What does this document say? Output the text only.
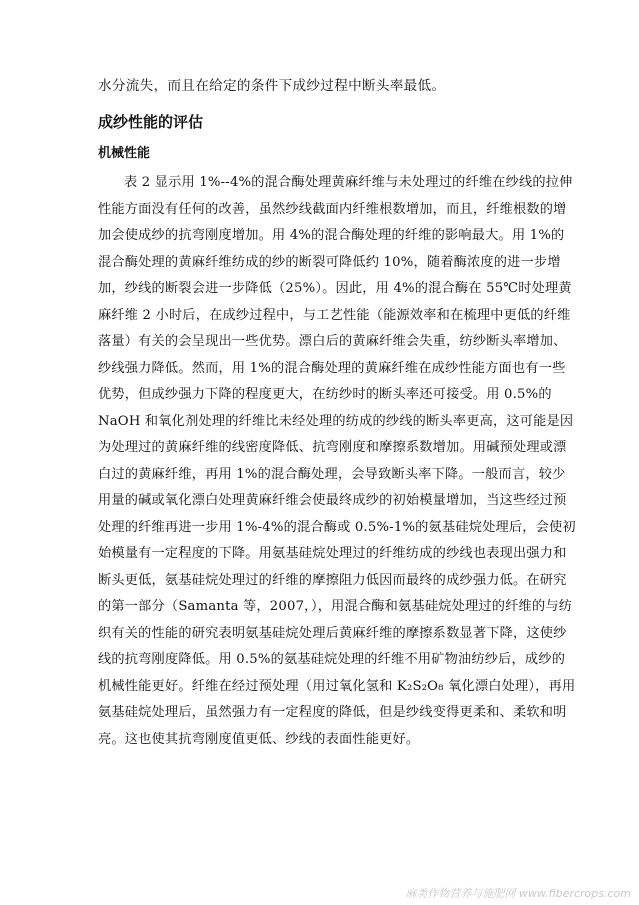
水分流失，而且在给定的条件下成纱过程中断头率最低。

成纱性能的评估
机械性能
表 2 显示用 1%--4%的混合酶处理黄麻纤维与未处理过的纤维在纱线的拉伸
性能方面没有任何的改善，虽然纱线截面内纤维根数增加，而且，纤维根数的增
加会使成纱的抗弯刚度增加。用 4%的混合酶处理的纤维的影响最大。用 1%的
混合酶处理的黄麻纤维纺成的纱的断裂可降低约 10%，随着酶浓度的进一步增
加，纱线的断裂会进一步降低（25%）。因此，用 4%的混合酶在 55℃时处理黄
麻纤维 2 小时后，在成纱过程中，与工艺性能（能源效率和在梳理中更低的纤维
落量）有关的会呈现出一些优势。漂白后的黄麻纤维会失重，纺纱断头率增加、
纱线强力降低。然而，用 1%的混合酶处理的黄麻纤维在成纱性能方面也有一些
优势，但成纱强力下降的程度更大，在纺纱时的断头率还可接受。用 0.5%的
NaOH 和氧化剂处理的纤维比未经处理的纺成的纱线的断头率更高，这可能是因
为处理过的黄麻纤维的线密度降低、抗弯刚度和摩擦系数增加。用碱预处理或漂
白过的黄麻纤维，再用 1%的混合酶处理，会导致断头率下降。一般而言，较少
用量的碱或氧化漂白处理黄麻纤维会使最终成纱的初始模量增加，当这些经过预
处理的纤维再进一步用 1%-4%的混合酶或 0.5%-1%的氨基硅烷处理后，会使初
始模量有一定程度的下降。用氨基硅烷处理过的纤维纺成的纱线也表现出强力和
断头更低，氨基硅烷处理过的纤维的摩擦阻力低因而最终的成纱强力低。在研究
的第一部分（Samanta 等，2007，），用混合酶和氨基硅烷处理过的纤维的与纺
织有关的性能的研究表明氨基硅烷处理后黄麻纤维的摩擦系数显著下降，这使纱
线的抗弯刚度降低。用 0.5%的氨基硅烷处理的纤维不用矿物油纺纱后，成纱的
机械性能更好。纤维在经过预处理（用过氧化氢和 K₂S₂O₈ 氧化漂白处理），再用
氨基硅烷处理后，虽然强力有一定程度的降低，但是纱线变得更柔和、柔软和明
亮。这也使其抗弯刚度值更低、纱线的表面性能更好。
麻类作物营养与施肥网 www.fibercrops.com
